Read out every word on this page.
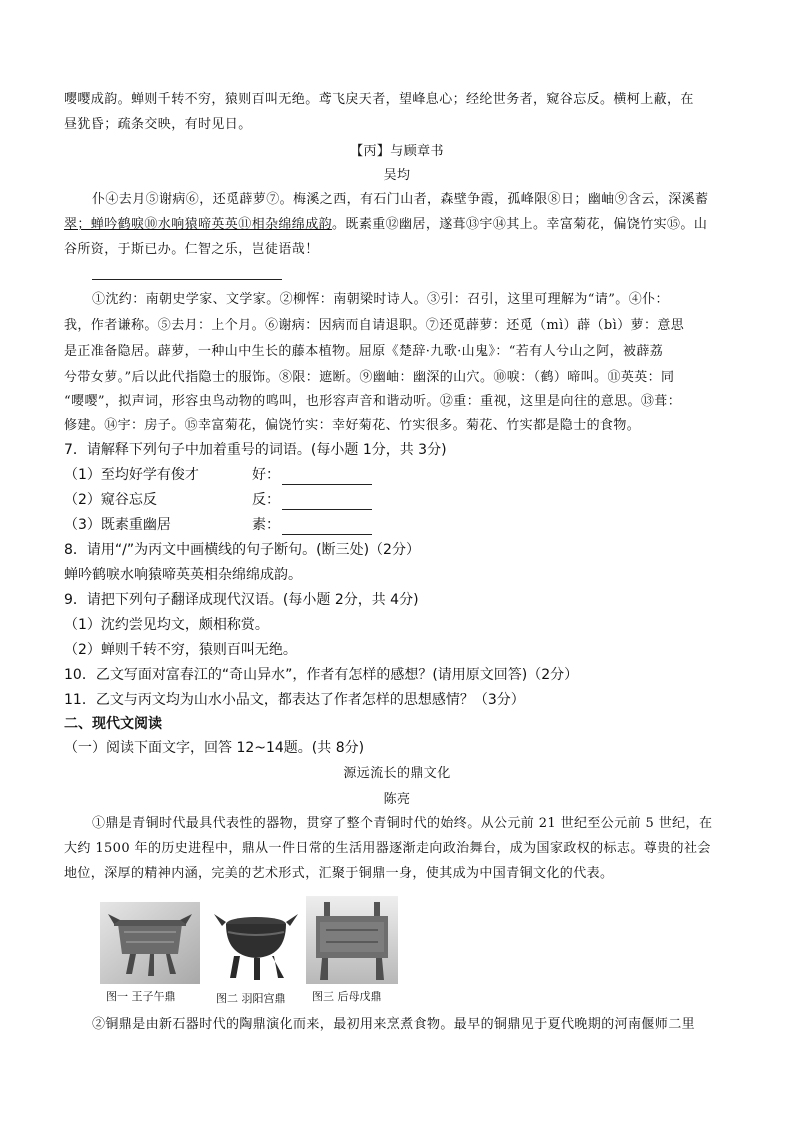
嘤嘤成韵。蝉则千转不穷，猿则百叫无绝。鸢飞戾天者，望峰息心；经纶世务者，窥谷忘反。横柯上蔽，在
昼犹昏；疏条交映，有时见日。
【丙】与顾章书
吴均
仆④去月⑤谢病⑥，还觅薜萝⑦。梅溪之西，有石门山者，森壁争霞，孤峰限⑧日；幽岫⑨含云，深溪蓄
翠；蝉吟鹤唳⑩水响猿啼英英⑪相杂绵绵成韵。既素重⑫幽居，遂葺⑬宇⑭其上。幸富菊花，偏饶竹实⑮。山
谷所资，于斯已办。仁智之乐，岂徒语哉！
①沈约：南朝史学家、文学家。②柳恽：南朝梁时诗人。③引：召引，这里可理解为“请”。④仆：
我，作者谦称。⑤去月：上个月。⑥谢病：因病而自请退职。⑦还觅薜萝：还觅（mì）薜（bì）萝：意思
是正准备隐居。薜萝，一种山中生长的藤本植物。屈原《楚辞·九歌·山鬼》：“若有人兮山之阿，被薜荔
兮带女萝。”后以此代指隐士的服饰。⑧限：遮断。⑨幽岫：幽深的山穴。⑩唳：（鹤）啼叫。⑪英英：同
“嘤嘤”，拟声词，形容虫鸟动物的鸣叫，也形容声音和谐动听。⑫重：重视，这里是向往的意思。⑬葺：
修建。⑭宇：房子。⑮幸富菊花，偏饶竹实：幸好菊花、竹实很多。菊花、竹实都是隐士的食物。
7．请解释下列句子中加着重号的词语。(每小题 1分，共 3分)
（1）至均好学有俊才	好：
（2）窥谷忘反	反：
（3）既素重幽居	素：
8．请用“/”为丙文中画横线的句子断句。(断三处)（2分）
蝉吟鹤唳水响猿啼英英相杂绵绵成韵。
9．请把下列句子翻译成现代汉语。(每小题 2分，共 4分)
（1）沈约尝见均文，颇相称赏。
（2）蝉则千转不穷，猿则百叫无绝。
10．乙文写面对富春江的“奇山异水”，作者有怎样的感想？(请用原文回答)（2分）
11．乙文与丙文均为山水小品文，都表达了作者怎样的思想感情？（3分）
二、现代文阅读
（一）阅读下面文字，回答 12~14题。(共 8分)
源远流长的鼎文化
陈亮
①鼎是青铜时代最具代表性的器物，贯穿了整个青铜时代的始终。从公元前 21 世纪至公元前 5 世纪，在
大约 1500 年的历史进程中，鼎从一件日常的生活用器逐渐走向政治舞台，成为国家政权的标志。尊贵的社会
地位，深厚的精神内涵，完美的艺术形式，汇聚于铜鼎一身，使其成为中国青铜文化的代表。
图一 王子午鼎	图二 羽阳宫鼎 图三 后母戊鼎
②铜鼎是由新石器时代的陶鼎演化而来，最初用来烹煮食物。最早的铜鼎见于夏代晚期的河南偃师二里
